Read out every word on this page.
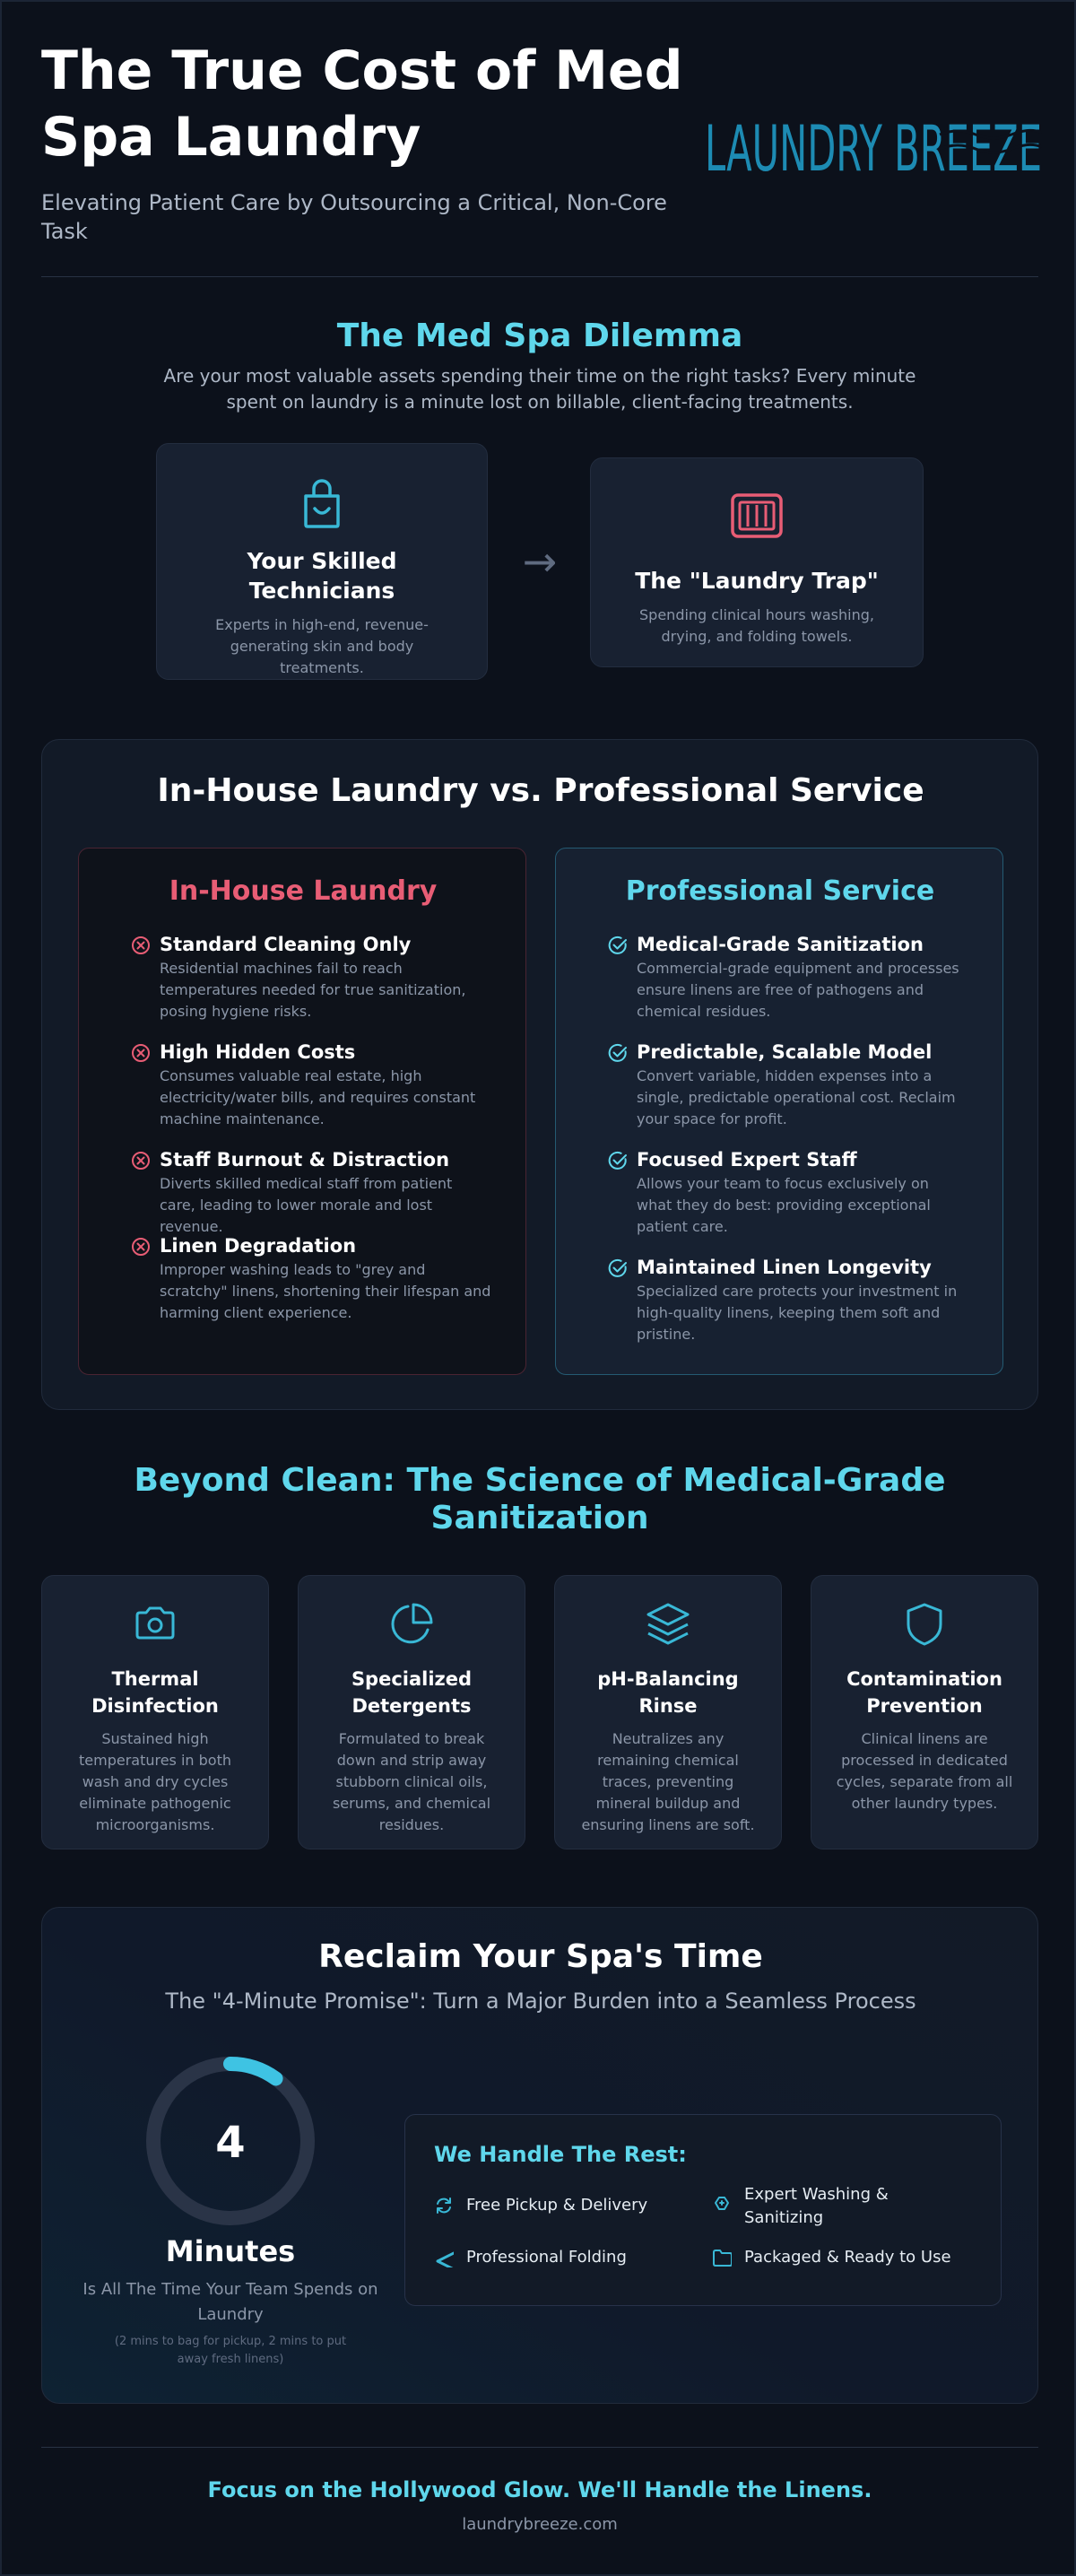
The True Cost of Med Spa Laundry
Elevating Patient Care by Outsourcing a Critical, Non-Core Task
LAUNDRY BREEZE
The Med Spa Dilemma
Are your most valuable assets spending their time on the right tasks? Every minute spent on laundry is a minute lost on billable, client-facing treatments.
Your Skilled Technicians
Experts in high-end, revenue-generating skin and body treatments.
→	The "Laundry Trap"
Spending clinical hours washing, drying, and folding towels.
In-House Laundry vs. Professional Service
In-House Laundry
Standard Cleaning Only
Residential machines fail to reach temperatures needed for true sanitization, posing hygiene risks.
High Hidden Costs
Consumes valuable real estate, high electricity/water bills, and requires constant machine maintenance.
Staff Burnout & Distraction
Diverts skilled medical staff from patient care, leading to lower morale and lost revenue.
Linen Degradation
Improper washing leads to "grey and scratchy" linens, shortening their lifespan and harming client experience.
Professional Service
Medical-Grade Sanitization
Commercial-grade equipment and processes ensure linens are free of pathogens and chemical residues.
Predictable, Scalable Model
Convert variable, hidden expenses into a single, predictable operational cost. Reclaim your space for profit.
Focused Expert Staff
Allows your team to focus exclusively on what they do best: providing exceptional patient care.
Maintained Linen Longevity
Specialized care protects your investment in high-quality linens, keeping them soft and pristine.
Beyond Clean: The Science of Medical-Grade Sanitization
Thermal Disinfection
Sustained high temperatures in both wash and dry cycles eliminate pathogenic microorganisms.
Specialized Detergents
Formulated to break down and strip away stubborn clinical oils, serums, and chemical residues.
pH-Balancing Rinse
Neutralizes any remaining chemical traces, preventing mineral buildup and ensuring linens are soft.
Contamination Prevention
Clinical linens are processed in dedicated cycles, separate from all other laundry types.
Reclaim Your Spa's Time
The "4-Minute Promise": Turn a Major Burden into a Seamless Process
4
Minutes
Is All The Time Your Team Spends on Laundry
(2 mins to bag for pickup, 2 mins to put away fresh linens)
We Handle The Rest:
Free Pickup & Delivery
Expert Washing & Sanitizing
Professional Folding	Packaged & Ready to Use
Focus on the Hollywood Glow. We'll Handle the Linens.
laundrybreeze.com
